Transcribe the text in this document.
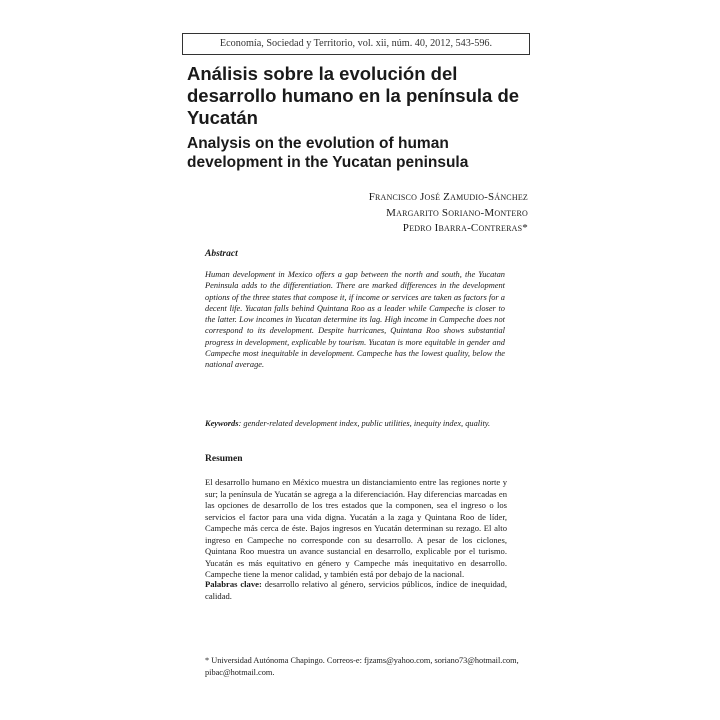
Economía, Sociedad y Territorio, vol. xii, núm. 40, 2012, 543-596.
Análisis sobre la evolución del desarrollo humano en la península de Yucatán
Analysis on the evolution of human development in the Yucatan peninsula
Francisco José Zamudio-Sánchez
Margarito Soriano-Montero
Pedro Ibarra-Contreras*
Abstract
Human development in Mexico offers a gap between the north and south, the Yucatan Peninsula adds to the differentiation. There are marked differences in the development options of the three states that compose it, if income or services are taken as factors for a decent life. Yucatan falls behind Quintana Roo as a leader while Campeche is closer to the latter. Low incomes in Yucatan determine its lag. High income in Campeche does not correspond to its development. Despite hurricanes, Quintana Roo shows substantial progress in development, explicable by tourism. Yucatan is more equitable in gender and Campeche most inequitable in development. Campeche has the lowest quality, below the national average.
Keywords: gender-related development index, public utilities, inequity index, quality.
Resumen
El desarrollo humano en México muestra un distanciamiento entre las regiones norte y sur; la península de Yucatán se agrega a la diferenciación. Hay diferencias marcadas en las opciones de desarrollo de los tres estados que la componen, sea el ingreso o los servicios el factor para una vida digna. Yucatán a la zaga y Quintana Roo de líder, Campeche más cerca de éste. Bajos ingresos en Yucatán determinan su rezago. El alto ingreso en Campeche no corresponde con su desarrollo. A pesar de los ciclones, Quintana Roo muestra un avance sustancial en desarrollo, explicable por el turismo. Yucatán es más equitativo en género y Campeche más inequitativo en desarrollo. Campeche tiene la menor calidad, y también está por debajo de la nacional.
Palabras clave: desarrollo relativo al género, servicios públicos, índice de inequidad, calidad.
* Universidad Autónoma Chapingo. Correos-e: fjzams@yahoo.com, soriano73@hotmail.com, pibac@hotmail.com.
